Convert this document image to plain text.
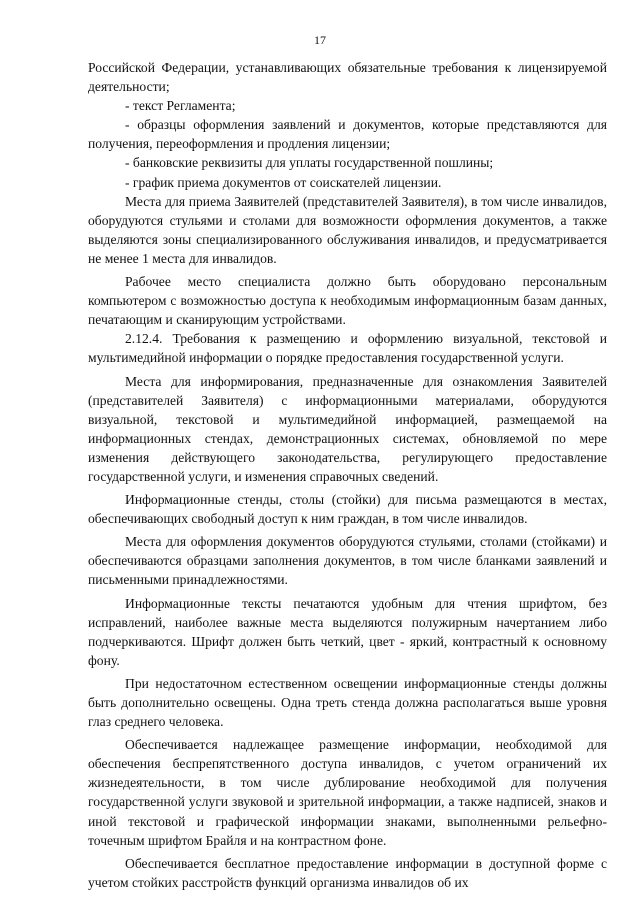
17

Российской Федерации, устанавливающих обязательные требования к лицензируемой деятельности;

- текст Регламента;

- образцы оформления заявлений и документов, которые представляются для получения, переоформления и продления лицензии;

- банковские реквизиты для уплаты государственной пошлины;

- график приема документов от соискателей лицензии.

Места для приема Заявителей (представителей Заявителя), в том числе инвалидов, оборудуются стульями и столами для возможности оформления документов, а также выделяются зоны специализированного обслуживания инвалидов, и предусматривается не менее 1 места для инвалидов.

Рабочее место специалиста должно быть оборудовано персональным компьютером с возможностью доступа к необходимым информационным базам данных, печатающим и сканирующим устройствами.

2.12.4. Требования к размещению и оформлению визуальной, текстовой и мультимедийной информации о порядке предоставления государственной услуги.

Места для информирования, предназначенные для ознакомления Заявителей (представителей Заявителя) с информационными материалами, оборудуются визуальной, текстовой и мультимедийной информацией, размещаемой на информационных стендах, демонстрационных системах, обновляемой по мере изменения действующего законодательства, регулирующего предоставление государственной услуги, и изменения справочных сведений.

Информационные стенды, столы (стойки) для письма размещаются в местах, обеспечивающих свободный доступ к ним граждан, в том числе инвалидов.

Места для оформления документов оборудуются стульями, столами (стойками) и обеспечиваются образцами заполнения документов, в том числе бланками заявлений и письменными принадлежностями.

Информационные тексты печатаются удобным для чтения шрифтом, без исправлений, наиболее важные места выделяются полужирным начертанием либо подчеркиваются. Шрифт должен быть четкий, цвет - яркий, контрастный к основному фону.

При недостаточном естественном освещении информационные стенды должны быть дополнительно освещены. Одна треть стенда должна располагаться выше уровня глаз среднего человека.

Обеспечивается надлежащее размещение информации, необходимой для обеспечения беспрепятственного доступа инвалидов, с учетом ограничений их жизнедеятельности, в том числе дублирование необходимой для получения государственной услуги звуковой и зрительной информации, а также надписей, знаков и иной текстовой и графической информации знаками, выполненными рельефно-точечным шрифтом Брайля и на контрастном фоне.

Обеспечивается бесплатное предоставление информации в доступной форме с учетом стойких расстройств функций организма инвалидов об их
